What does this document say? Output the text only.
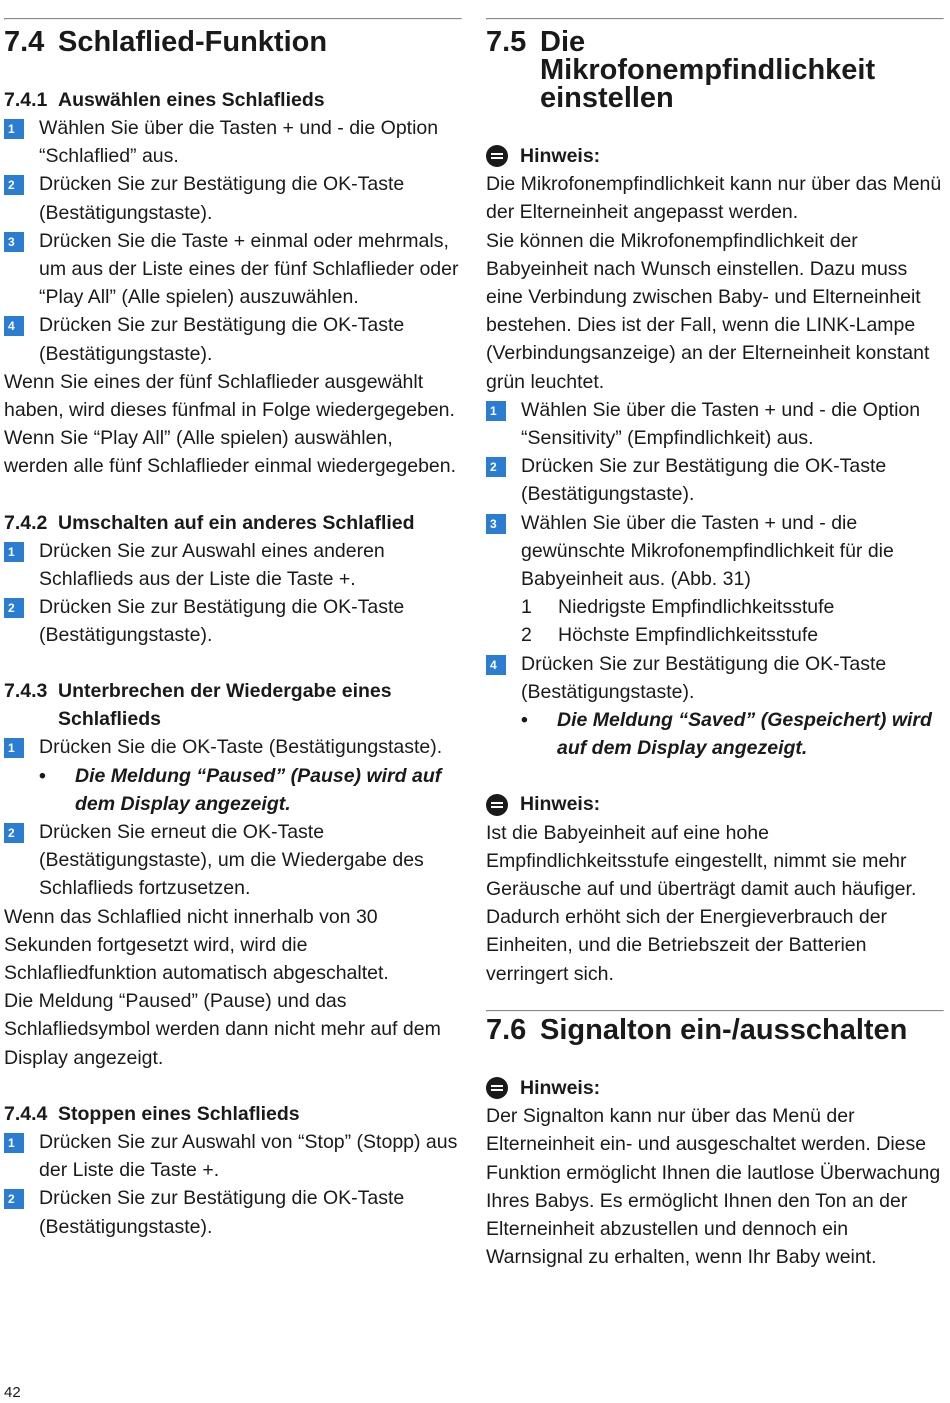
7.4 Schlaflied-Funktion
7.4.1 Auswählen eines Schlaflieds
1	Wählen Sie über die Tasten + und - die Option “Schlaflied” aus.
2	Drücken Sie zur Bestätigung die OK-Taste (Bestätigungstaste).
3	Drücken Sie die Taste + einmal oder mehrmals, um aus der Liste eines der fünf Schlaflieder oder “Play All” (Alle spielen) auszuwählen.
4	Drücken Sie zur Bestätigung die OK-Taste (Bestätigungstaste).

Wenn Sie eines der fünf Schlaflieder ausgewählt haben, wird dieses fünfmal in Folge wiedergegeben.

Wenn Sie “Play All” (Alle spielen) auswählen, werden alle fünf Schlaflieder einmal wiedergegeben.

7.4.2 Umschalten auf ein anderes Schlaflied
1	Drücken Sie zur Auswahl eines anderen Schlaflieds aus der Liste die Taste +.
2	Drücken Sie zur Bestätigung die OK-Taste (Bestätigungstaste).
7.4.3 Unterbrechen der Wiedergabe eines Schlaflieds
1	Drücken Sie die OK-Taste (Bestätigungstaste).
•	Die Meldung “Paused” (Pause) wird auf dem Display angezeigt.
2	Drücken Sie erneut die OK-Taste (Bestätigungstaste), um die Wiedergabe des Schlaflieds fortzusetzen.

Wenn das Schlaflied nicht innerhalb von 30 Sekunden fortgesetzt wird, wird die Schlafliedfunktion automatisch abgeschaltet.

Die Meldung “Paused” (Pause) und das Schlafliedsymbol werden dann nicht mehr auf dem Display angezeigt.

7.4.4 Stoppen eines Schlaflieds
1	Drücken Sie zur Auswahl von “Stop” (Stopp) aus der Liste die Taste +.
2	Drücken Sie zur Bestätigung die OK-Taste (Bestätigungstaste).
7.5 Die Mikrofonempfindlichkeit einstellen
Hinweis:

Die Mikrofonempfindlichkeit kann nur über das Menü der Elterneinheit angepasst werden.

Sie können die Mikrofonempfindlichkeit der Babyeinheit nach Wunsch einstellen. Dazu muss eine Verbindung zwischen Baby- und Elterneinheit bestehen. Dies ist der Fall, wenn die LINK-Lampe (Verbindungsanzeige) an der Elterneinheit konstant grün leuchtet.

1	Wählen Sie über die Tasten + und - die Option “Sensitivity” (Empfindlichkeit) aus.
2	Drücken Sie zur Bestätigung die OK-Taste (Bestätigungstaste).
3	Wählen Sie über die Tasten + und - die gewünschte Mikrofonempfindlichkeit für die Babyeinheit aus. (Abb. 31)
1	Niedrigste Empfindlichkeitsstufe
2	Höchste Empfindlichkeitsstufe
4	Drücken Sie zur Bestätigung die OK-Taste (Bestätigungstaste).
•	Die Meldung “Saved” (Gespeichert) wird auf dem Display angezeigt.
Hinweis:

Ist die Babyeinheit auf eine hohe Empfindlichkeitsstufe eingestellt, nimmt sie mehr Geräusche auf und überträgt damit auch häufiger. Dadurch erhöht sich der Energieverbrauch der Einheiten, und die Betriebszeit der Batterien verringert sich.

7.6 Signalton ein-/ausschalten
Hinweis:

Der Signalton kann nur über das Menü der Elterneinheit ein- und ausgeschaltet werden. Diese Funktion ermöglicht Ihnen die lautlose Überwachung Ihres Babys. Es ermöglicht Ihnen den Ton an der Elterneinheit abzustellen und dennoch ein Warnsignal zu erhalten, wenn Ihr Baby weint.

42
